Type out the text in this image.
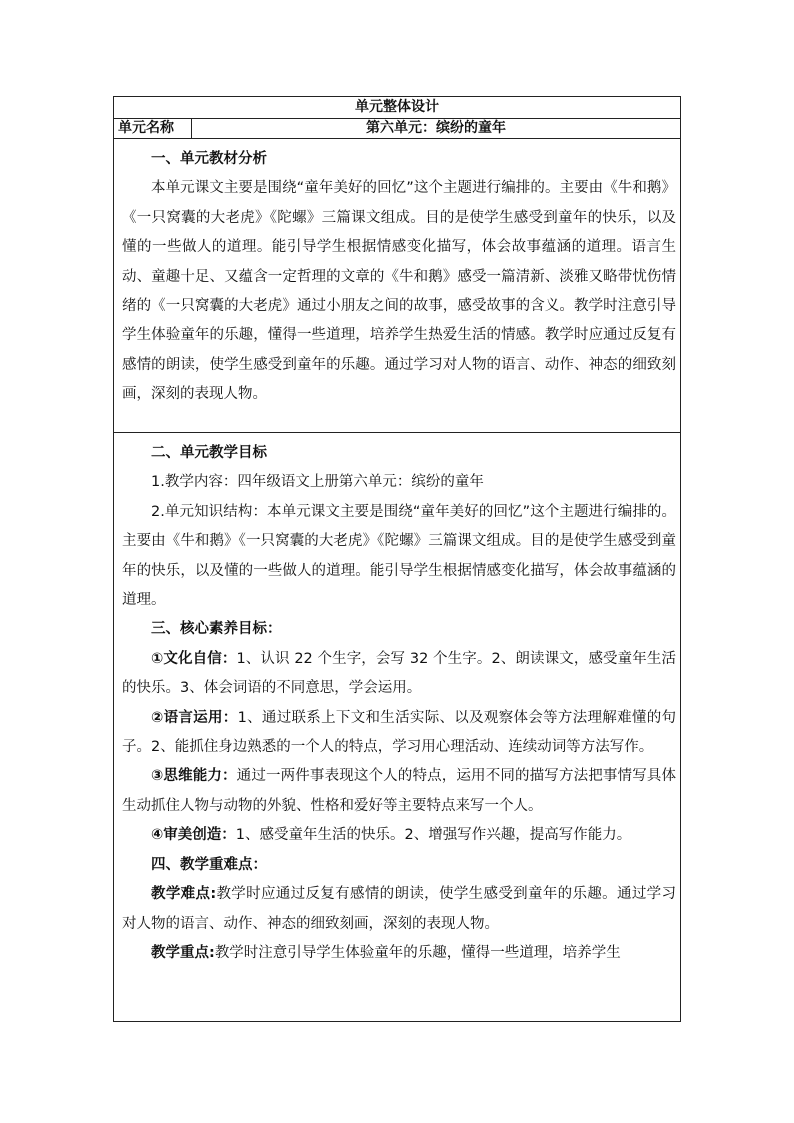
单元整体设计
单元名称	第六单元：缤纷的童年

一、单元教材分析

本单元课文主要是围绕“童年美好的回忆”这个主题进行编排的。主要由《牛和鹅》《一只窝囊的大老虎》《陀螺》三篇课文组成。目的是使学生感受到童年的快乐，以及懂的一些做人的道理。能引导学生根据情感变化描写，体会故事蕴涵的道理。语言生动、童趣十足、又蕴含一定哲理的文章的《牛和鹅》感受一篇清新、淡雅又略带忧伤情绪的《一只窝囊的大老虎》通过小朋友之间的故事，感受故事的含义。教学时注意引导学生体验童年的乐趣，懂得一些道理，培养学生热爱生活的情感。教学时应通过反复有感情的朗读，使学生感受到童年的乐趣。通过学习对人物的语言、动作、神态的细致刻画，深刻的表现人物。

二、单元教学目标

1.教学内容：四年级语文上册第六单元：缤纷的童年

2.单元知识结构：本单元课文主要是围绕“童年美好的回忆”这个主题进行编排的。主要由《牛和鹅》《一只窝囊的大老虎》《陀螺》三篇课文组成。目的是使学生感受到童年的快乐，以及懂的一些做人的道理。能引导学生根据情感变化描写，体会故事蕴涵的道理。

三、核心素养目标：

①文化自信：1、认识 22 个生字，会写 32 个生字。2、朗读课文，感受童年生活的快乐。3、体会词语的不同意思，学会运用。

②语言运用：1、通过联系上下文和生活实际、以及观察体会等方法理解难懂的句子。2、能抓住身边熟悉的一个人的特点，学习用心理活动、连续动词等方法写作。

③思维能力：通过一两件事表现这个人的特点，运用不同的描写方法把事情写具体生动抓住人物与动物的外貌、性格和爱好等主要特点来写一个人。

④审美创造：1、感受童年生活的快乐。2、增强写作兴趣，提高写作能力。

四、教学重难点：

教学难点:教学时应通过反复有感情的朗读，使学生感受到童年的乐趣。通过学习对人物的语言、动作、神态的细致刻画，深刻的表现人物。

教学重点:教学时注意引导学生体验童年的乐趣，懂得一些道理，培养学生
